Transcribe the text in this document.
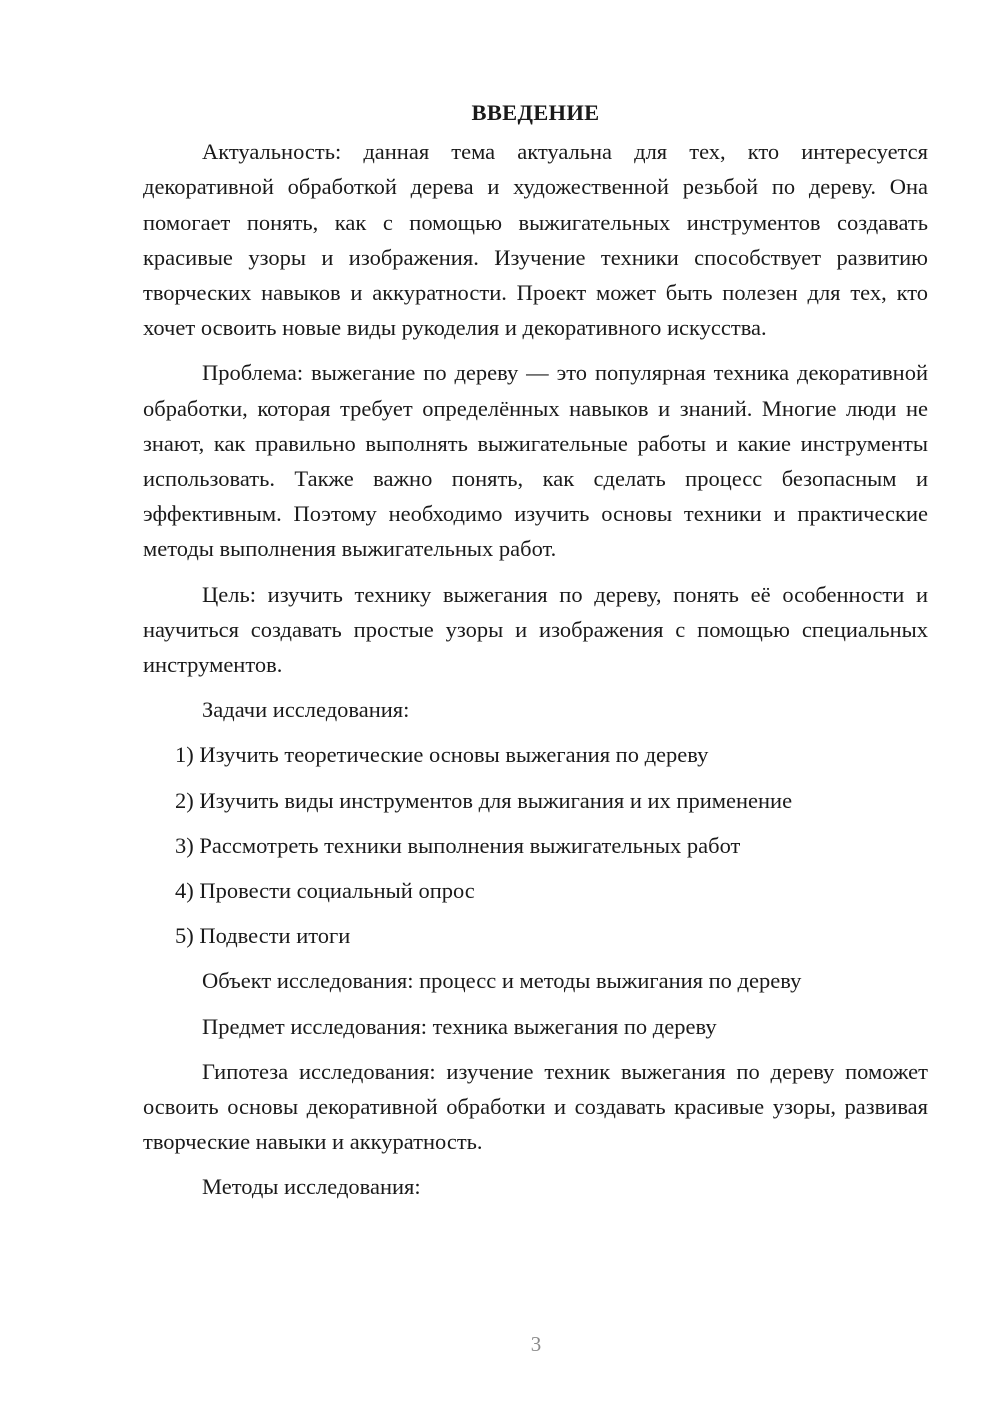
ВВЕДЕНИЕ

Актуальность: данная тема актуальна для тех, кто интересуется декоративной обработкой дерева и художественной резьбой по дереву. Она помогает понять, как с помощью выжигательных инструментов создавать красивые узоры и изображения. Изучение техники способствует развитию творческих навыков и аккуратности. Проект может быть полезен для тех, кто хочет освоить новые виды рукоделия и декоративного искусства.

Проблема: выжегание по дереву — это популярная техника декоративной обработки, которая требует определённых навыков и знаний. Многие люди не знают, как правильно выполнять выжигательные работы и какие инструменты использовать. Также важно понять, как сделать процесс безопасным и эффективным. Поэтому необходимо изучить основы техники и практические методы выполнения выжигательных работ.

Цель: изучить технику выжегания по дереву, понять её особенности и научиться создавать простые узоры и изображения с помощью специальных инструментов.

Задачи исследования:
1) Изучить теоретические основы выжегания по дереву
2) Изучить виды инструментов для выжигания и их применение
3) Рассмотреть техники выполнения выжигательных работ
4) Провести социальный опрос
5) Подвести итоги
Объект исследования: процесс и методы выжигания по дереву
Предмет исследования: техника выжегания по дереву

Гипотеза исследования: изучение техник выжегания по дереву поможет освоить основы декоративной обработки и создавать красивые узоры, развивая творческие навыки и аккуратность.

Методы исследования:
3
